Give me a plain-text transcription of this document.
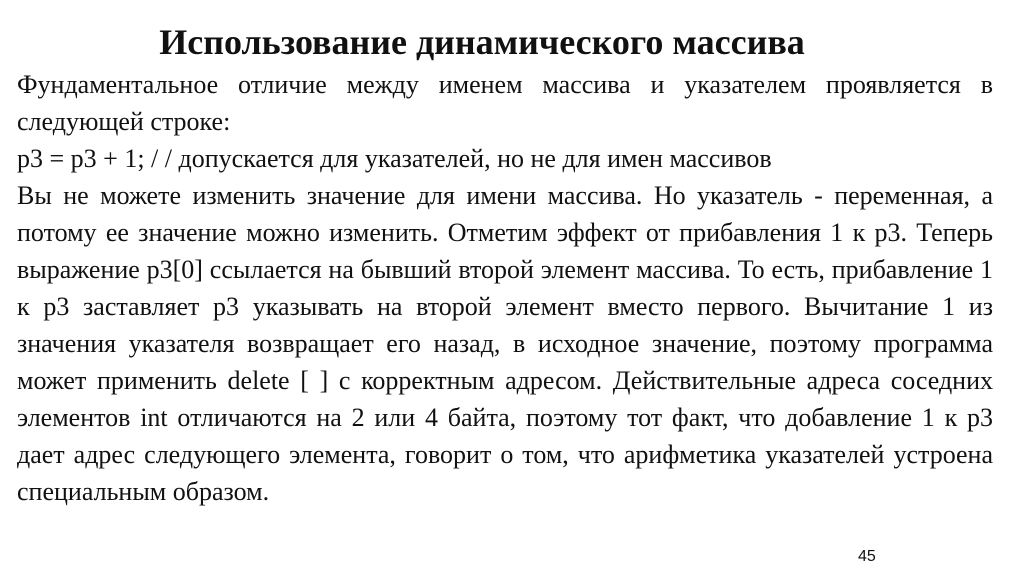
Использование динамического массива

Фундаментальное отличие между именем массива и указателем проявляется в следующей строке:

р3 = р3 + 1; / / допускается для указателей, но не для имен массивов

Вы не можете изменить значение для имени массива. Но указатель - переменная, а потому ее значение можно изменить. Отметим эффект от прибавления 1 к р3. Теперь выражение р3[0] ссылается на бывший второй элемент массива. То есть, прибавление 1 к р3 заставляет р3 указывать на второй элемент вместо первого. Вычитание 1 из значения указателя возвращает его назад, в исходное значение, поэтому программа может применить delete [ ] с корректным адресом. Действительные адреса соседних элементов int отличаются на 2 или 4 байта, поэтому тот факт, что добавление 1 к р3 дает адрес следующего элемента, говорит о том, что арифметика указателей устроена специальным образом.

45
